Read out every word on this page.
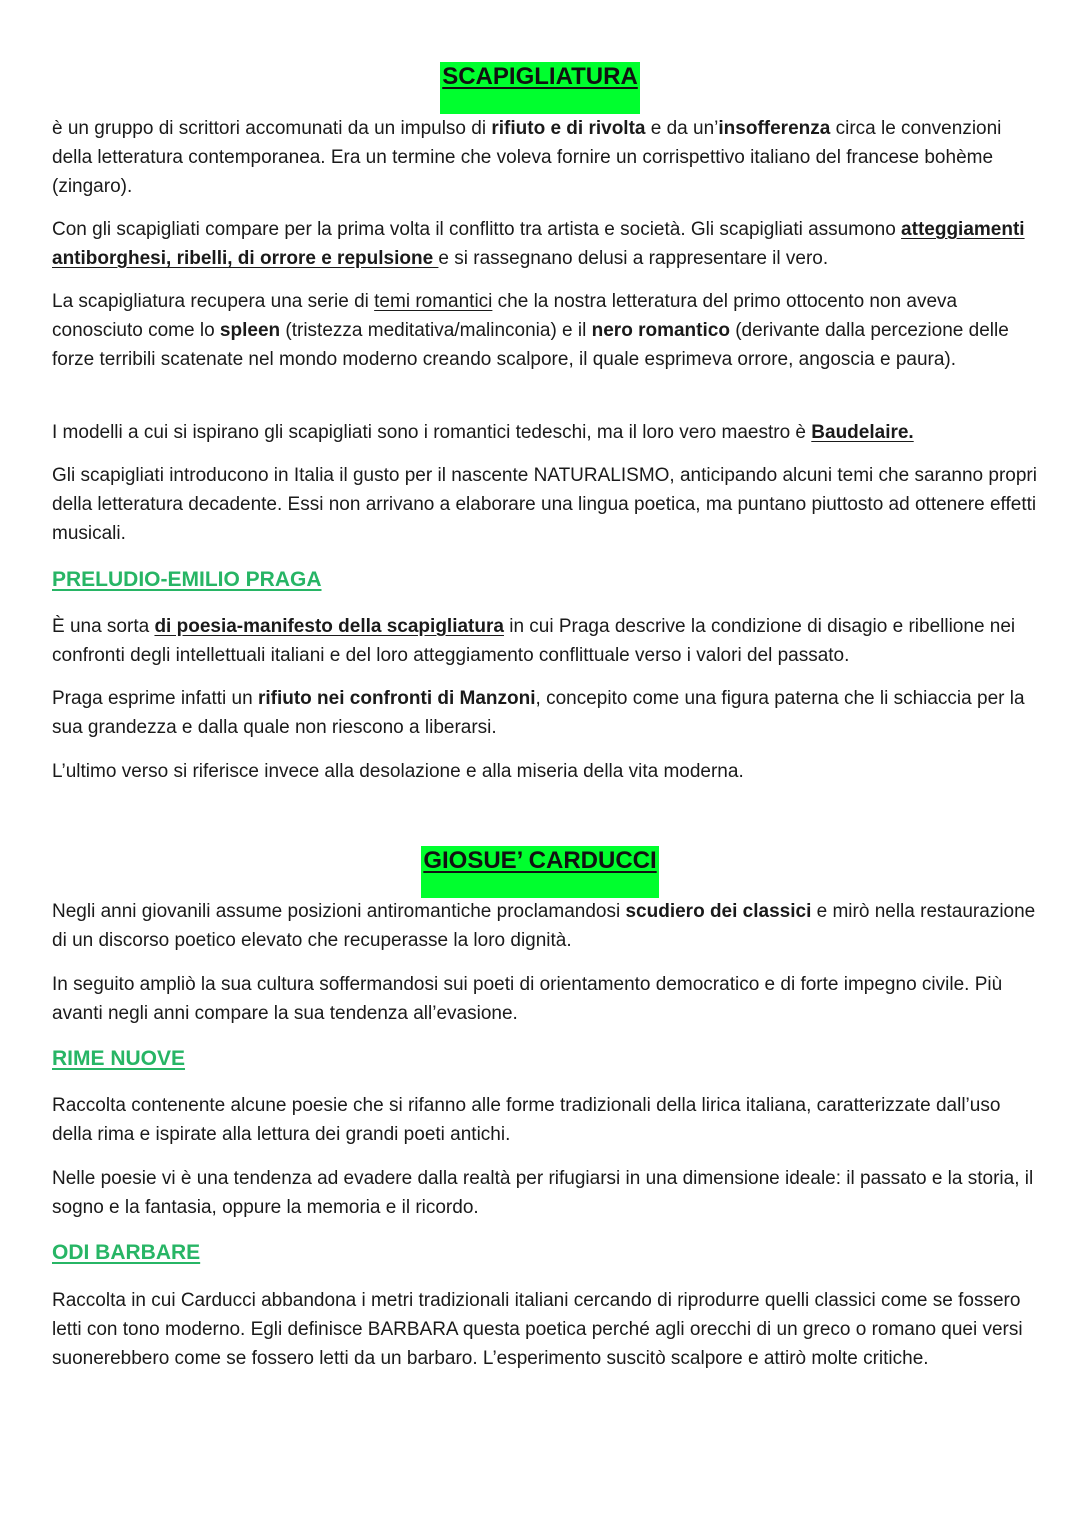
SCAPIGLIATURA

è un gruppo di scrittori accomunati da un impulso di rifiuto e di rivolta e da un’insofferenza circa le convenzioni della letteratura contemporanea. Era un termine che voleva fornire un corrispettivo italiano del francese bohème (zingaro).

Con gli scapigliati compare per la prima volta il conflitto tra artista e società. Gli scapigliati assumono atteggiamenti antiborghesi, ribelli, di orrore e repulsione e si rassegnano delusi a rappresentare il vero.

La scapigliatura recupera una serie di temi romantici che la nostra letteratura del primo ottocento non aveva conosciuto come lo spleen (tristezza meditativa/malinconia) e il nero romantico (derivante dalla percezione delle forze terribili scatenate nel mondo moderno creando scalpore, il quale esprimeva orrore, angoscia e paura).

I modelli a cui si ispirano gli scapigliati sono i romantici tedeschi, ma il loro vero maestro è Baudelaire.

Gli scapigliati introducono in Italia il gusto per il nascente NATURALISMO, anticipando alcuni temi che saranno propri della letteratura decadente. Essi non arrivano a elaborare una lingua poetica, ma puntano piuttosto ad ottenere effetti musicali.

PRELUDIO-EMILIO PRAGA

È una sorta di poesia-manifesto della scapigliatura in cui Praga descrive la condizione di disagio e ribellione nei confronti degli intellettuali italiani e del loro atteggiamento conflittuale verso i valori del passato.

Praga esprime infatti un rifiuto nei confronti di Manzoni, concepito come una figura paterna che li schiaccia per la sua grandezza e dalla quale non riescono a liberarsi.

L’ultimo verso si riferisce invece alla desolazione e alla miseria della vita moderna.

GIOSUE’ CARDUCCI

Negli anni giovanili assume posizioni antiromantiche proclamandosi scudiero dei classici e mirò nella restaurazione di un discorso poetico elevato che recuperasse la loro dignità.

In seguito ampliò la sua cultura soffermandosi sui poeti di orientamento democratico e di forte impegno civile. Più avanti negli anni compare la sua tendenza all’evasione.

RIME NUOVE

Raccolta contenente alcune poesie che si rifanno alle forme tradizionali della lirica italiana, caratterizzate dall’uso della rima e ispirate alla lettura dei grandi poeti antichi.

Nelle poesie vi è una tendenza ad evadere dalla realtà per rifugiarsi in una dimensione ideale: il passato e la storia, il sogno e la fantasia, oppure la memoria e il ricordo.

ODI BARBARE

Raccolta in cui Carducci abbandona i metri tradizionali italiani cercando di riprodurre quelli classici come se fossero letti con tono moderno. Egli definisce BARBARA questa poetica perché agli orecchi di un greco o romano quei versi suonerebbero come se fossero letti da un barbaro. L’esperimento suscitò scalpore e attirò molte critiche.
